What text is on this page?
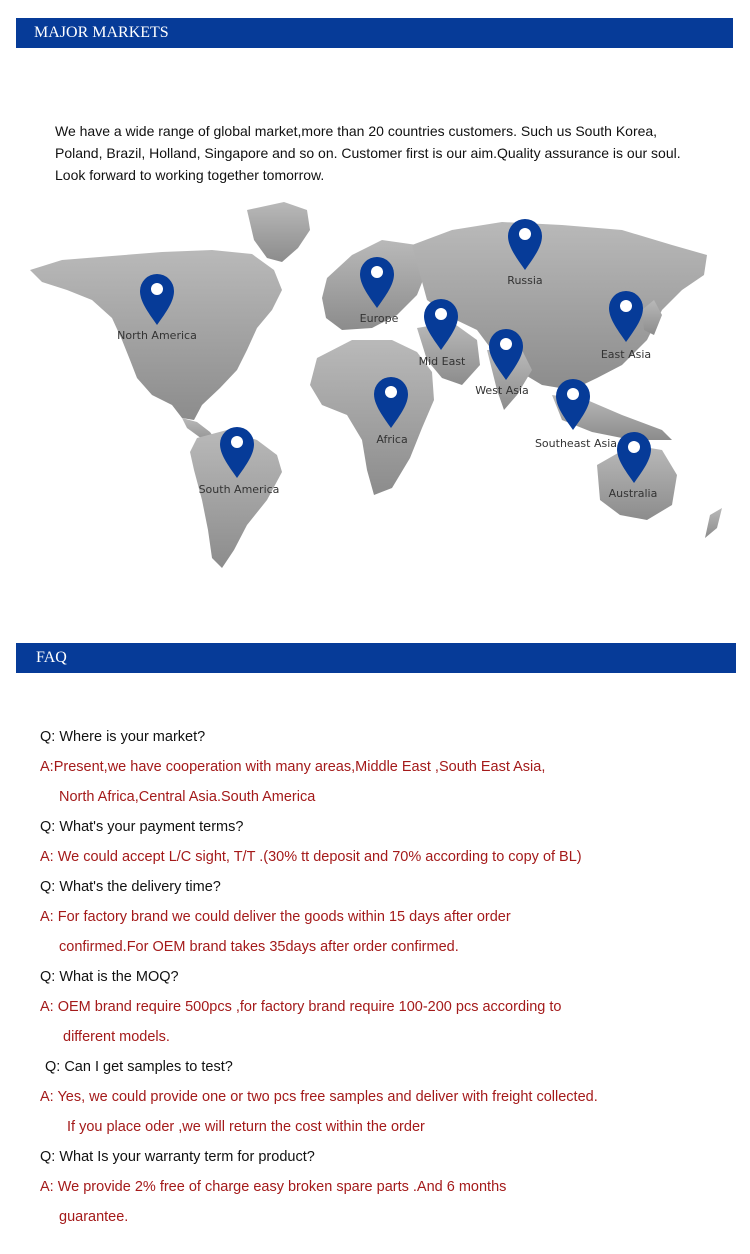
MAJOR MARKETS
We have a wide range of global market,more than 20 countries customers. Such us South Korea,
Poland, Brazil, Holland, Singapore and so on. Customer first is our aim.Quality assurance is our soul.
Look forward to working together tomorrow.
North America
South America
Europe
Africa
Mid East
West Asia
Russia
East Asia
Southeast Asia
Australia
FAQ
Q: Where is your market?
A:Present,we have cooperation with many areas,Middle East ,South East Asia,
North Africa,Central Asia.South America
Q: What's your payment terms?
A: We could accept L/C sight, T/T .(30% tt deposit and 70% according to copy of BL)
Q: What's the delivery time?
A: For factory brand we could deliver the goods within 15 days after order
confirmed.For OEM brand takes 35days after order confirmed.
Q: What is the MOQ?
A: OEM brand require 500pcs ,for factory brand require 100-200 pcs according to
different models.
Q: Can I get samples to test?
A: Yes, we could provide one or two pcs free samples and deliver with freight collected.
If you place oder ,we will return the cost within the order
Q: What Is your warranty term for product?
A: We provide 2% free of charge easy broken spare parts .And 6 months
guarantee.
